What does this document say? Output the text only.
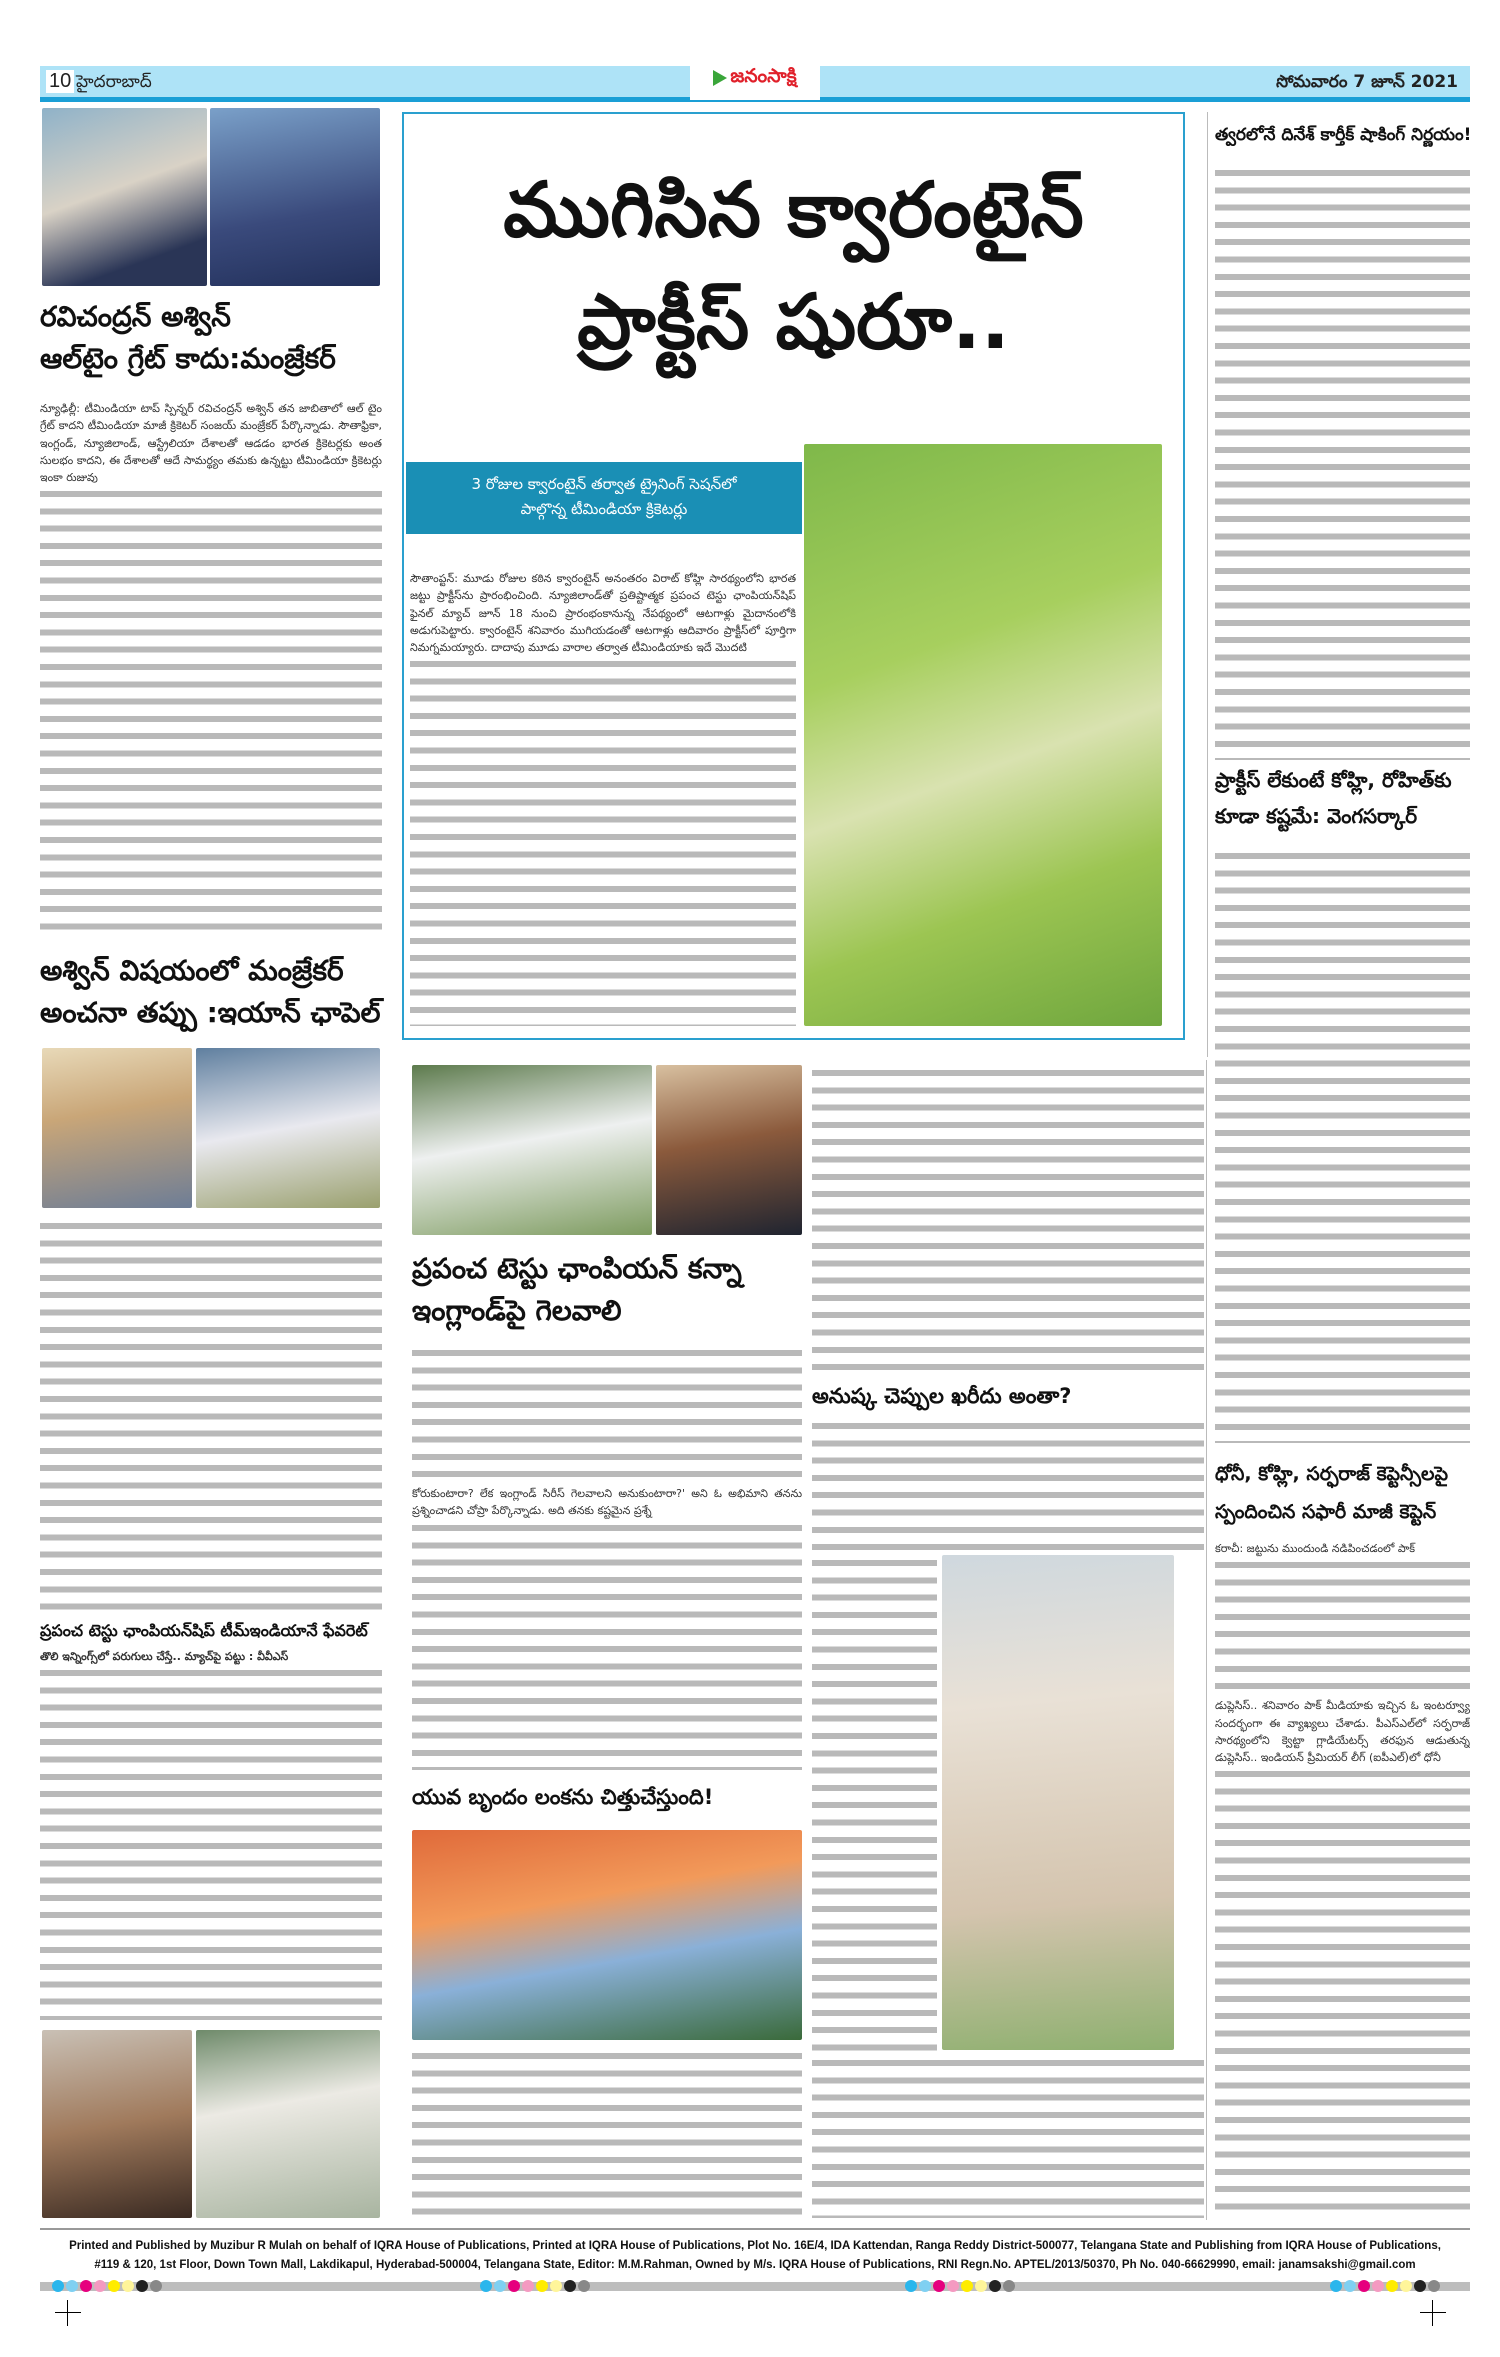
10 హైదరాబాద్	జనంసాక్షి	సోమవారం 7 జూన్ 2021
రవిచంద్రన్ అశ్విన్
ఆల్‌టైం గ్రేట్ కాదు:మంజ్రేకర్
న్యూఢిల్లీ: టీమిండియా టాప్ స్పిన్నర్ రవిచంద్రన్ అశ్విన్ తన జాబితాలో ఆల్ టైం గ్రేట్ కాదని టీమిండియా మాజీ క్రికెటర్ సంజయ్ మంజ్రేకర్ పేర్కొన్నాడు. సౌతాఫ్రికా, ఇంగ్లండ్, న్యూజిలాండ్, ఆస్ట్రేలియా దేశాలతో ఆడడం భారత క్రికెటర్లకు అంత సులభం కాదని, ఈ దేశాలతో ఆదే సామర్థ్యం తమకు ఉన్నట్టు టీమిండియా క్రికెటర్లు ఇంకా రుజువు
అశ్విన్ విషయంలో మంజ్రేకర్
అంచనా తప్పు :ఇయాన్ ఛాపెల్
ప్రపంచ టెస్టు ఛాంపియన్‌షిప్ టీమ్‌ఇండియానే ఫేవరెట్
తొలి ఇన్నింగ్స్‌లో పరుగులు చేస్తే.. మ్యాచ్‌పై పట్టు : వీవీఎస్
ముగిసిన క్వారంటైన్
ప్రాక్టీస్ షురూ..
3 రోజుల క్వారంటైన్ తర్వాత ట్రైనింగ్ సెషన్‌లో
పాల్గొన్న టీమిండియా క్రికెటర్లు
సౌతాంప్టన్: మూడు రోజుల కఠిన క్వారంటైన్ అనంతరం విరాట్ కోహ్లి సారథ్యంలోని భారత జట్టు ప్రాక్టీస్‌ను ప్రారంభించింది. న్యూజిలాండ్‌తో ప్రతిష్టాత్మక ప్రపంచ టెస్టు ఛాంపియన్‌షిప్ ఫైనల్ మ్యాచ్ జూన్ 18 నుంచి ప్రారంభంకానున్న నేపథ్యంలో ఆటగాళ్లు మైదానంలోకి అడుగుపెట్టారు. క్వారంటైన్ శనివారం ముగియడంతో ఆటగాళ్లు ఆదివారం ప్రాక్టీస్‌లో పూర్తిగా నిమగ్నమయ్యారు. దాదాపు మూడు వారాల తర్వాత టీమిండియాకు ఇదే మొదటి
ప్రపంచ టెస్టు ఛాంపియన్ కన్నా
ఇంగ్లాండ్‌పై గెలవాలి
కోరుకుంటారా? లేక ఇంగ్లాండ్ సిరీస్ గెలవాలని అనుకుంటారా?' అని ఓ అభిమాని తనను ప్రశ్నించాడని చోప్రా పేర్కొన్నాడు. అది తనకు కష్టమైన ప్రశ్నే
యువ బృందం లంకను చిత్తుచేస్తుంది!
అనుష్క చెప్పుల ఖరీదు అంతా?
త్వరలోనే దినేశ్ కార్తీక్ షాకింగ్ నిర్ణయం!
ప్రాక్టీస్ లేకుంటే కోహ్లి, రోహిత్‌కు
కూడా కష్టమే: వెంగసర్కార్
ధోనీ, కోహ్లి, సర్ఫరాజ్ కెప్టెన్సీలపై
స్పందించిన సఫారీ మాజీ కెప్టెన్
కరాచీ: జట్టును ముందుండి నడిపించడంలో పాక్
డుప్లెసిస్.. శనివారం పాక్ మీడియాకు ఇచ్చిన ఓ ఇంటర్వ్యూ సందర్భంగా ఈ వ్యాఖ్యలు చేశాడు. పీఎస్ఎల్‌లో సర్ఫరాజ్ సారథ్యంలోని క్వెట్టా గ్లాడియేటర్స్ తరఫున ఆడుతున్న డుప్లెసిస్.. ఇండియన్ ప్రీమియర్ లీగ్ (ఐపీఎల్)లో ధోనీ
Printed and Published by Muzibur R Mulah on behalf of IQRA House of Publications, Printed at IQRA House of Publications, Plot No. 16E/4, IDA Kattendan, Ranga Reddy District-500077, Telangana State and Publishing from IQRA House of Publications,
#119 & 120, 1st Floor, Down Town Mall, Lakdikapul, Hyderabad-500004, Telangana State, Editor: M.M.Rahman, Owned by M/s. IQRA House of Publications, RNI Regn.No. APTEL/2013/50370, Ph No. 040-66629990, email: janamsakshi@gmail.com
